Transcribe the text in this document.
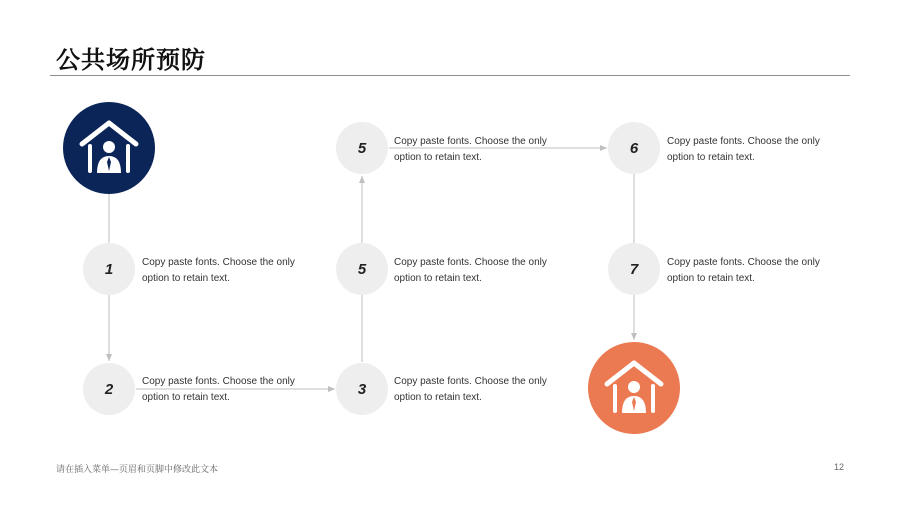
公共场所预防
1	Copy paste fonts. Choose the only option to retain text.
2	Copy paste fonts. Choose the only option to retain text.	3	Copy paste fonts. Choose the only option to retain text.
5	Copy paste fonts. Choose the only option to retain text.
5	Copy paste fonts. Choose the only option to retain text.
6	Copy paste fonts. Choose the only option to retain text.
7	Copy paste fonts. Choose the only option to retain text.
请在插入菜单—页眉和页脚中修改此文本	12
